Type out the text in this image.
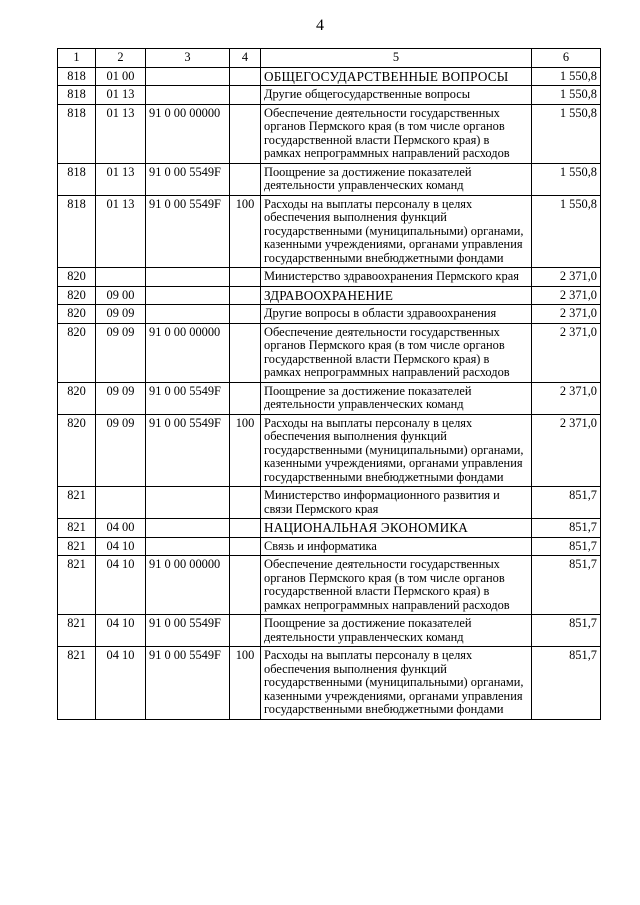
4
1	2	3	4	5	6
818	01 00			ОБЩЕГОСУДАРСТВЕННЫЕ ВОПРОСЫ	1 550,8
818	01 13			Другие общегосударственные вопросы	1 550,8
818	01 13	91 0 00 00000		Обеспечение деятельности государственных органов Пермского края (в том числе органов государственной власти Пермского края) в рамках непрограммных направлений расходов	1 550,8
818	01 13	91 0 00 5549F		Поощрение за достижение показателей деятельности управленческих команд	1 550,8
818	01 13	91 0 00 5549F	100	Расходы на выплаты персоналу в целях обеспечения выполнения функций государственными (муниципальными) органами, казенными учреждениями, органами управления государственными внебюджетными фондами	1 550,8
820				Министерство здравоохранения Пермского края	2 371,0
820	09 00			ЗДРАВООХРАНЕНИЕ	2 371,0
820	09 09			Другие вопросы в области здравоохранения	2 371,0
820	09 09	91 0 00 00000		Обеспечение деятельности государственных органов Пермского края (в том числе органов государственной власти Пермского края) в рамках непрограммных направлений расходов	2 371,0
820	09 09	91 0 00 5549F		Поощрение за достижение показателей деятельности управленческих команд	2 371,0
820	09 09	91 0 00 5549F	100	Расходы на выплаты персоналу в целях обеспечения выполнения функций государственными (муниципальными) органами, казенными учреждениями, органами управления государственными внебюджетными фондами	2 371,0
821				Министерство информационного развития и связи Пермского края	851,7
821	04 00			НАЦИОНАЛЬНАЯ ЭКОНОМИКА	851,7
821	04 10			Связь и информатика	851,7
821	04 10	91 0 00 00000		Обеспечение деятельности государственных органов Пермского края (в том числе органов государственной власти Пермского края) в рамках непрограммных направлений расходов	851,7
821	04 10	91 0 00 5549F		Поощрение за достижение показателей деятельности управленческих команд	851,7
821	04 10	91 0 00 5549F	100	Расходы на выплаты персоналу в целях обеспечения выполнения функций государственными (муниципальными) органами, казенными учреждениями, органами управления государственными внебюджетными фондами	851,7
